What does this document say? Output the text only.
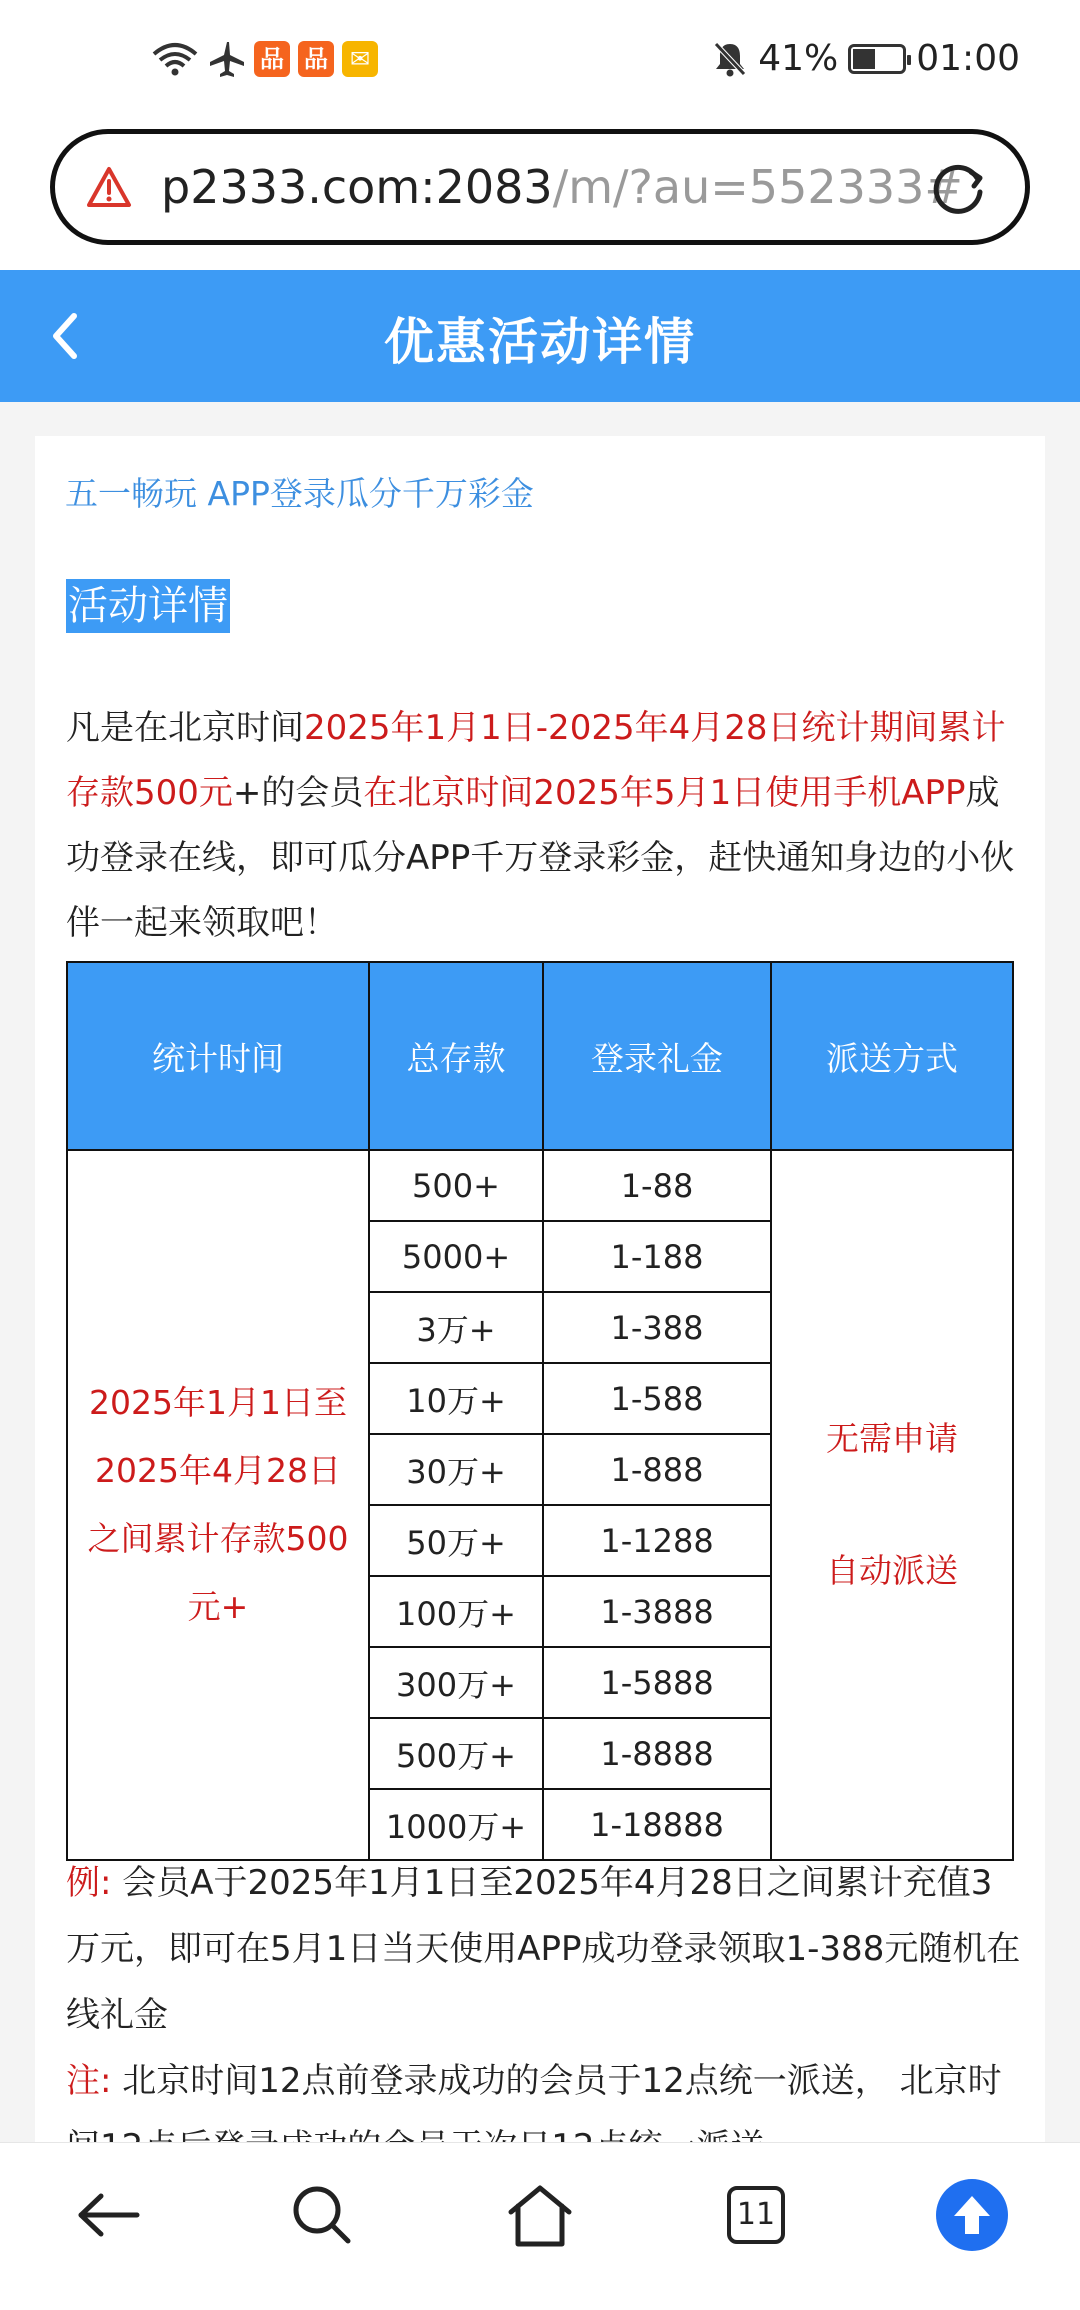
品 品 ✉	41% 01:00
p2333.com:2083/m/?au=552333#
优惠活动详情
五一畅玩 APP登录瓜分千万彩金
活动详情
凡是在北京时间2025年1月1日-2025年4月28日统计期间累计存款500元+的会员在北京时间2025年5月1日使用手机APP成功登录在线，即可瓜分APP千万登录彩金，赶快通知身边的小伙伴一起来领取吧！
统计时间	总存款	登录礼金	派送方式
2025年1月1日至2025年4月28日之间累计存款500元+	500+	1-88	无需申请
自动派送
	5000+	1-188	
	3万+	1-388	
	10万+	1-588	
	30万+	1-888	
	50万+	1-1288	
	100万+	1-3888	
	300万+	1-5888	
	500万+	1-8888	
	1000万+	1-18888	
例: 会员A于2025年1月1日至2025年4月28日之间累计充值3万元，即可在5月1日当天使用APP成功登录领取1-388元随机在线礼金
注: 北京时间12点前登录成功的会员于12点统一派送， 北京时
11
